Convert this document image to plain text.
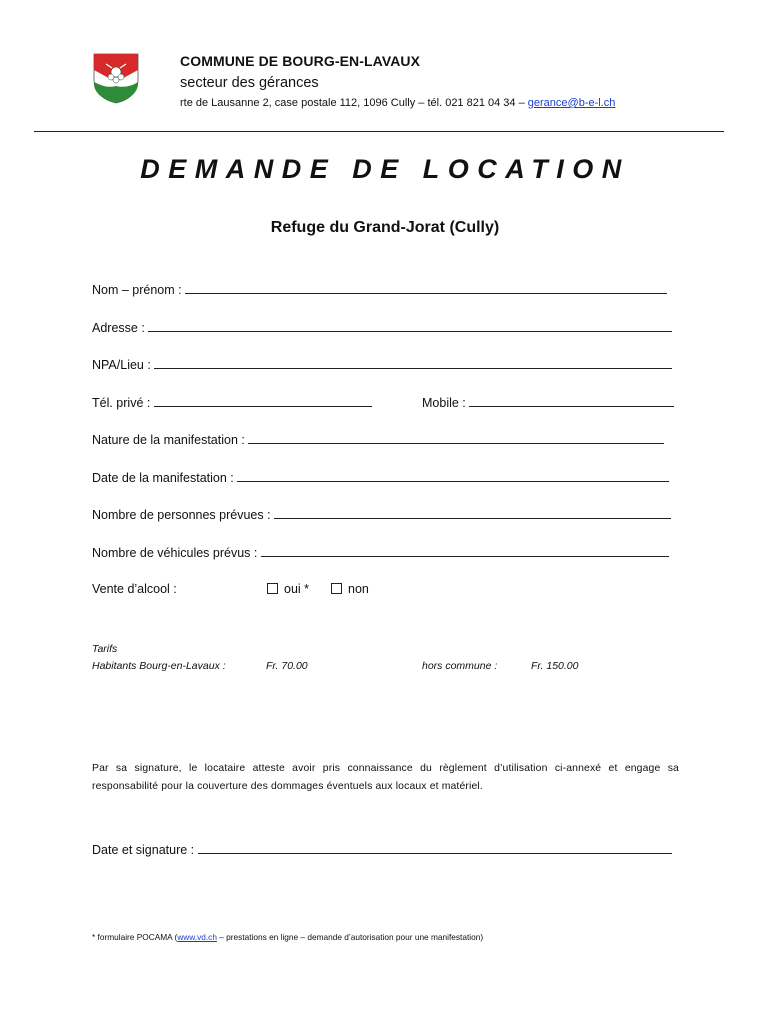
COMMUNE DE BOURG-EN-LAVAUX
secteur des gérances
rte de Lausanne 2, case postale 112, 1096 Cully – tél. 021 821 04 34 – gerance@b-e-l.ch
DEMANDE DE LOCATION
Refuge du Grand-Jorat (Cully)
Nom – prénom :
Adresse :
NPA/Lieu :
Tél. privé :	Mobile :
Nature de la manifestation :
Date de la manifestation :
Nombre de personnes prévues :
Nombre de véhicules prévus :
Vente d’alcool :	oui *	non
Tarifs
Habitants Bourg-en-Lavaux :	Fr. 70.00	hors commune :	Fr. 150.00
Par sa signature, le locataire atteste avoir pris connaissance du règlement d’utilisation ci-annexé et engage sa responsabilité pour la couverture des dommages éventuels aux locaux et matériel.
Date et signature :
* formulaire POCAMA (www.vd.ch – prestations en ligne – demande d’autorisation pour une manifestation)
